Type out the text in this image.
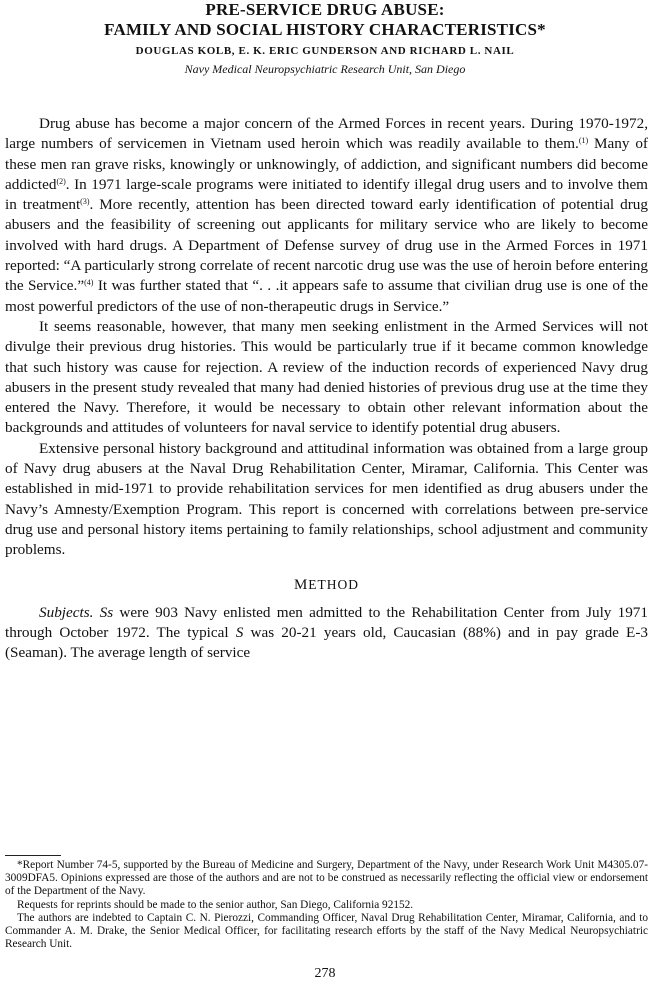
PRE-SERVICE DRUG ABUSE:
FAMILY AND SOCIAL HISTORY CHARACTERISTICS*
DOUGLAS KOLB, E. K. ERIC GUNDERSON AND RICHARD L. NAIL
Navy Medical Neuropsychiatric Research Unit, San Diego

Drug abuse has become a major concern of the Armed Forces in recent years. During 1970-1972, large numbers of servicemen in Vietnam used heroin which was readily available to them.$^{(1)}$ Many of these men ran grave risks, knowingly or unknowingly, of addiction, and significant numbers did become addicted$^{(2)}$. In 1971 large-scale programs were initiated to identify illegal drug users and to involve them in treatment$^{(3)}$. More recently, attention has been directed toward early identification of potential drug abusers and the feasibility of screening out applicants for military service who are likely to become involved with hard drugs. A Department of Defense survey of drug use in the Armed Forces in 1971 reported: “A particularly strong correlate of recent narcotic drug use was the use of heroin before entering the Service.”$^{(4)}$ It was further stated that “. . .it appears safe to assume that civilian drug use is one of the most powerful predictors of the use of non-therapeutic drugs in Service.”

It seems reasonable, however, that many men seeking enlistment in the Armed Services will not divulge their previous drug histories. This would be particularly true if it became common knowledge that such history was cause for rejection. A review of the induction records of experienced Navy drug abusers in the present study revealed that many had denied histories of previous drug use at the time they entered the Navy. Therefore, it would be necessary to obtain other relevant information about the backgrounds and attitudes of volunteers for naval service to identify potential drug abusers.

Extensive personal history background and attitudinal information was obtained from a large group of Navy drug abusers at the Naval Drug Rehabilitation Center, Miramar, California. This Center was established in mid-1971 to provide rehabilitation services for men identified as drug abusers under the Navy’s Amnesty/Exemption Program. This report is concerned with correlations between pre-service drug use and personal history items pertaining to family relationships, school adjustment and community problems.

METHOD

Subjects. Ss were 903 Navy enlisted men admitted to the Rehabilitation Center from July 1971 through October 1972. The typical S was 20-21 years old, Caucasian (88%) and in pay grade E-3 (Seaman). The average length of service

*Report Number 74-5, supported by the Bureau of Medicine and Surgery, Department of the Navy, under Research Work Unit M4305.07-3009DFA5. Opinions expressed are those of the authors and are not to be construed as necessarily reflecting the official view or endorsement of the Department of the Navy.

Requests for reprints should be made to the senior author, San Diego, California 92152.

The authors are indebted to Captain C. N. Pierozzi, Commanding Officer, Naval Drug Rehabilitation Center, Miramar, California, and to Commander A. M. Drake, the Senior Medical Officer, for facilitating research efforts by the staff of the Navy Medical Neuropsychiatric Research Unit.

278
